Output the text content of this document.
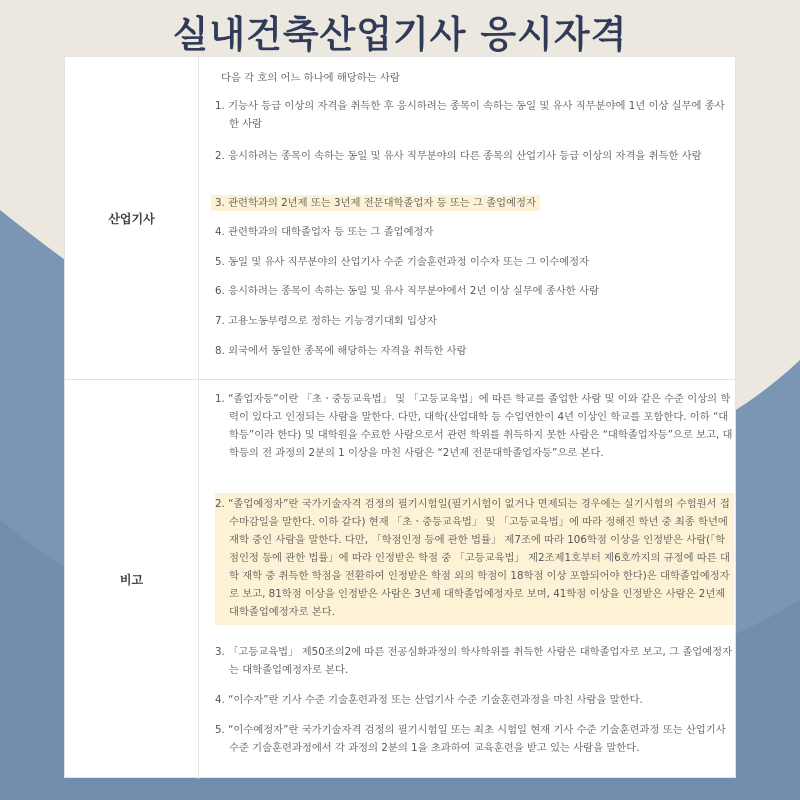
실내건축산업기사 응시자격
산업기사
비고
다음 각 호의 어느 하나에 해당하는 사람
1. 기능사 등급 이상의 자격을 취득한 후 응시하려는 종목이 속하는 동일 및 유사 직무분야에 1년 이상 실무에 종사한 사람
2. 응시하려는 종목이 속하는 동일 및 유사 직무분야의 다른 종목의 산업기사 등급 이상의 자격을 취득한 사람
3. 관련학과의 2년제 또는 3년제 전문대학졸업자 등 또는 그 졸업예정자
4. 관련학과의 대학졸업자 등 또는 그 졸업예정자
5. 동일 및 유사 직무분야의 산업기사 수준 기술훈련과정 이수자 또는 그 이수예정자
6. 응시하려는 종목이 속하는 동일 및 유사 직무분야에서 2년 이상 실무에 종사한 사람
7. 고용노동부령으로 정하는 기능경기대회 입상자
8. 외국에서 동일한 종목에 해당하는 자격을 취득한 사람
1. “졸업자등”이란 「초ㆍ중등교육법」 및 「고등교육법」에 따른 학교를 졸업한 사람 및 이와 같은 수준 이상의 학력이 있다고 인정되는 사람을 말한다. 다만, 대학(산업대학 등 수업연한이 4년 이상인 학교를 포함한다. 이하 “대학등”이라 한다) 및 대학원을 수료한 사람으로서 관련 학위를 취득하지 못한 사람은 “대학졸업자등”으로 보고, 대학등의 전 과정의 2분의 1 이상을 마친 사람은 “2년제 전문대학졸업자등”으로 본다.
2. “졸업예정자”란 국가기술자격 검정의 필기시험일(필기시험이 없거나 면제되는 경우에는 실기시험의 수험원서 접수마감일을 말한다. 이하 같다) 현재 「초ㆍ중등교육법」 및 「고등교육법」에 따라 정해진 학년 중 최종 학년에 재학 중인 사람을 말한다. 다만, 「학점인정 등에 관한 법률」 제7조에 따라 106학점 이상을 인정받은 사람(「학점인정 등에 관한 법률」에 따라 인정받은 학점 중 「고등교육법」 제2조제1호부터 제6호까지의 규정에 따른 대학 재학 중 취득한 학점을 전환하여 인정받은 학점 외의 학점이 18학점 이상 포함되어야 한다)은 대학졸업예정자로 보고, 81학점 이상을 인정받은 사람은 3년제 대학졸업예정자로 보며, 41학점 이상을 인정받은 사람은 2년제 대학졸업예정자로 본다.
3. 「고등교육법」 제50조의2에 따른 전공심화과정의 학사학위를 취득한 사람은 대학졸업자로 보고, 그 졸업예정자는 대학졸업예정자로 본다.
4. “이수자”란 기사 수준 기술훈련과정 또는 산업기사 수준 기술훈련과정을 마친 사람을 말한다.
5. “이수예정자”란 국가기술자격 검정의 필기시험일 또는 최초 시험일 현재 기사 수준 기술훈련과정 또는 산업기사 수준 기술훈련과정에서 각 과정의 2분의 1을 초과하여 교육훈련을 받고 있는 사람을 말한다.
